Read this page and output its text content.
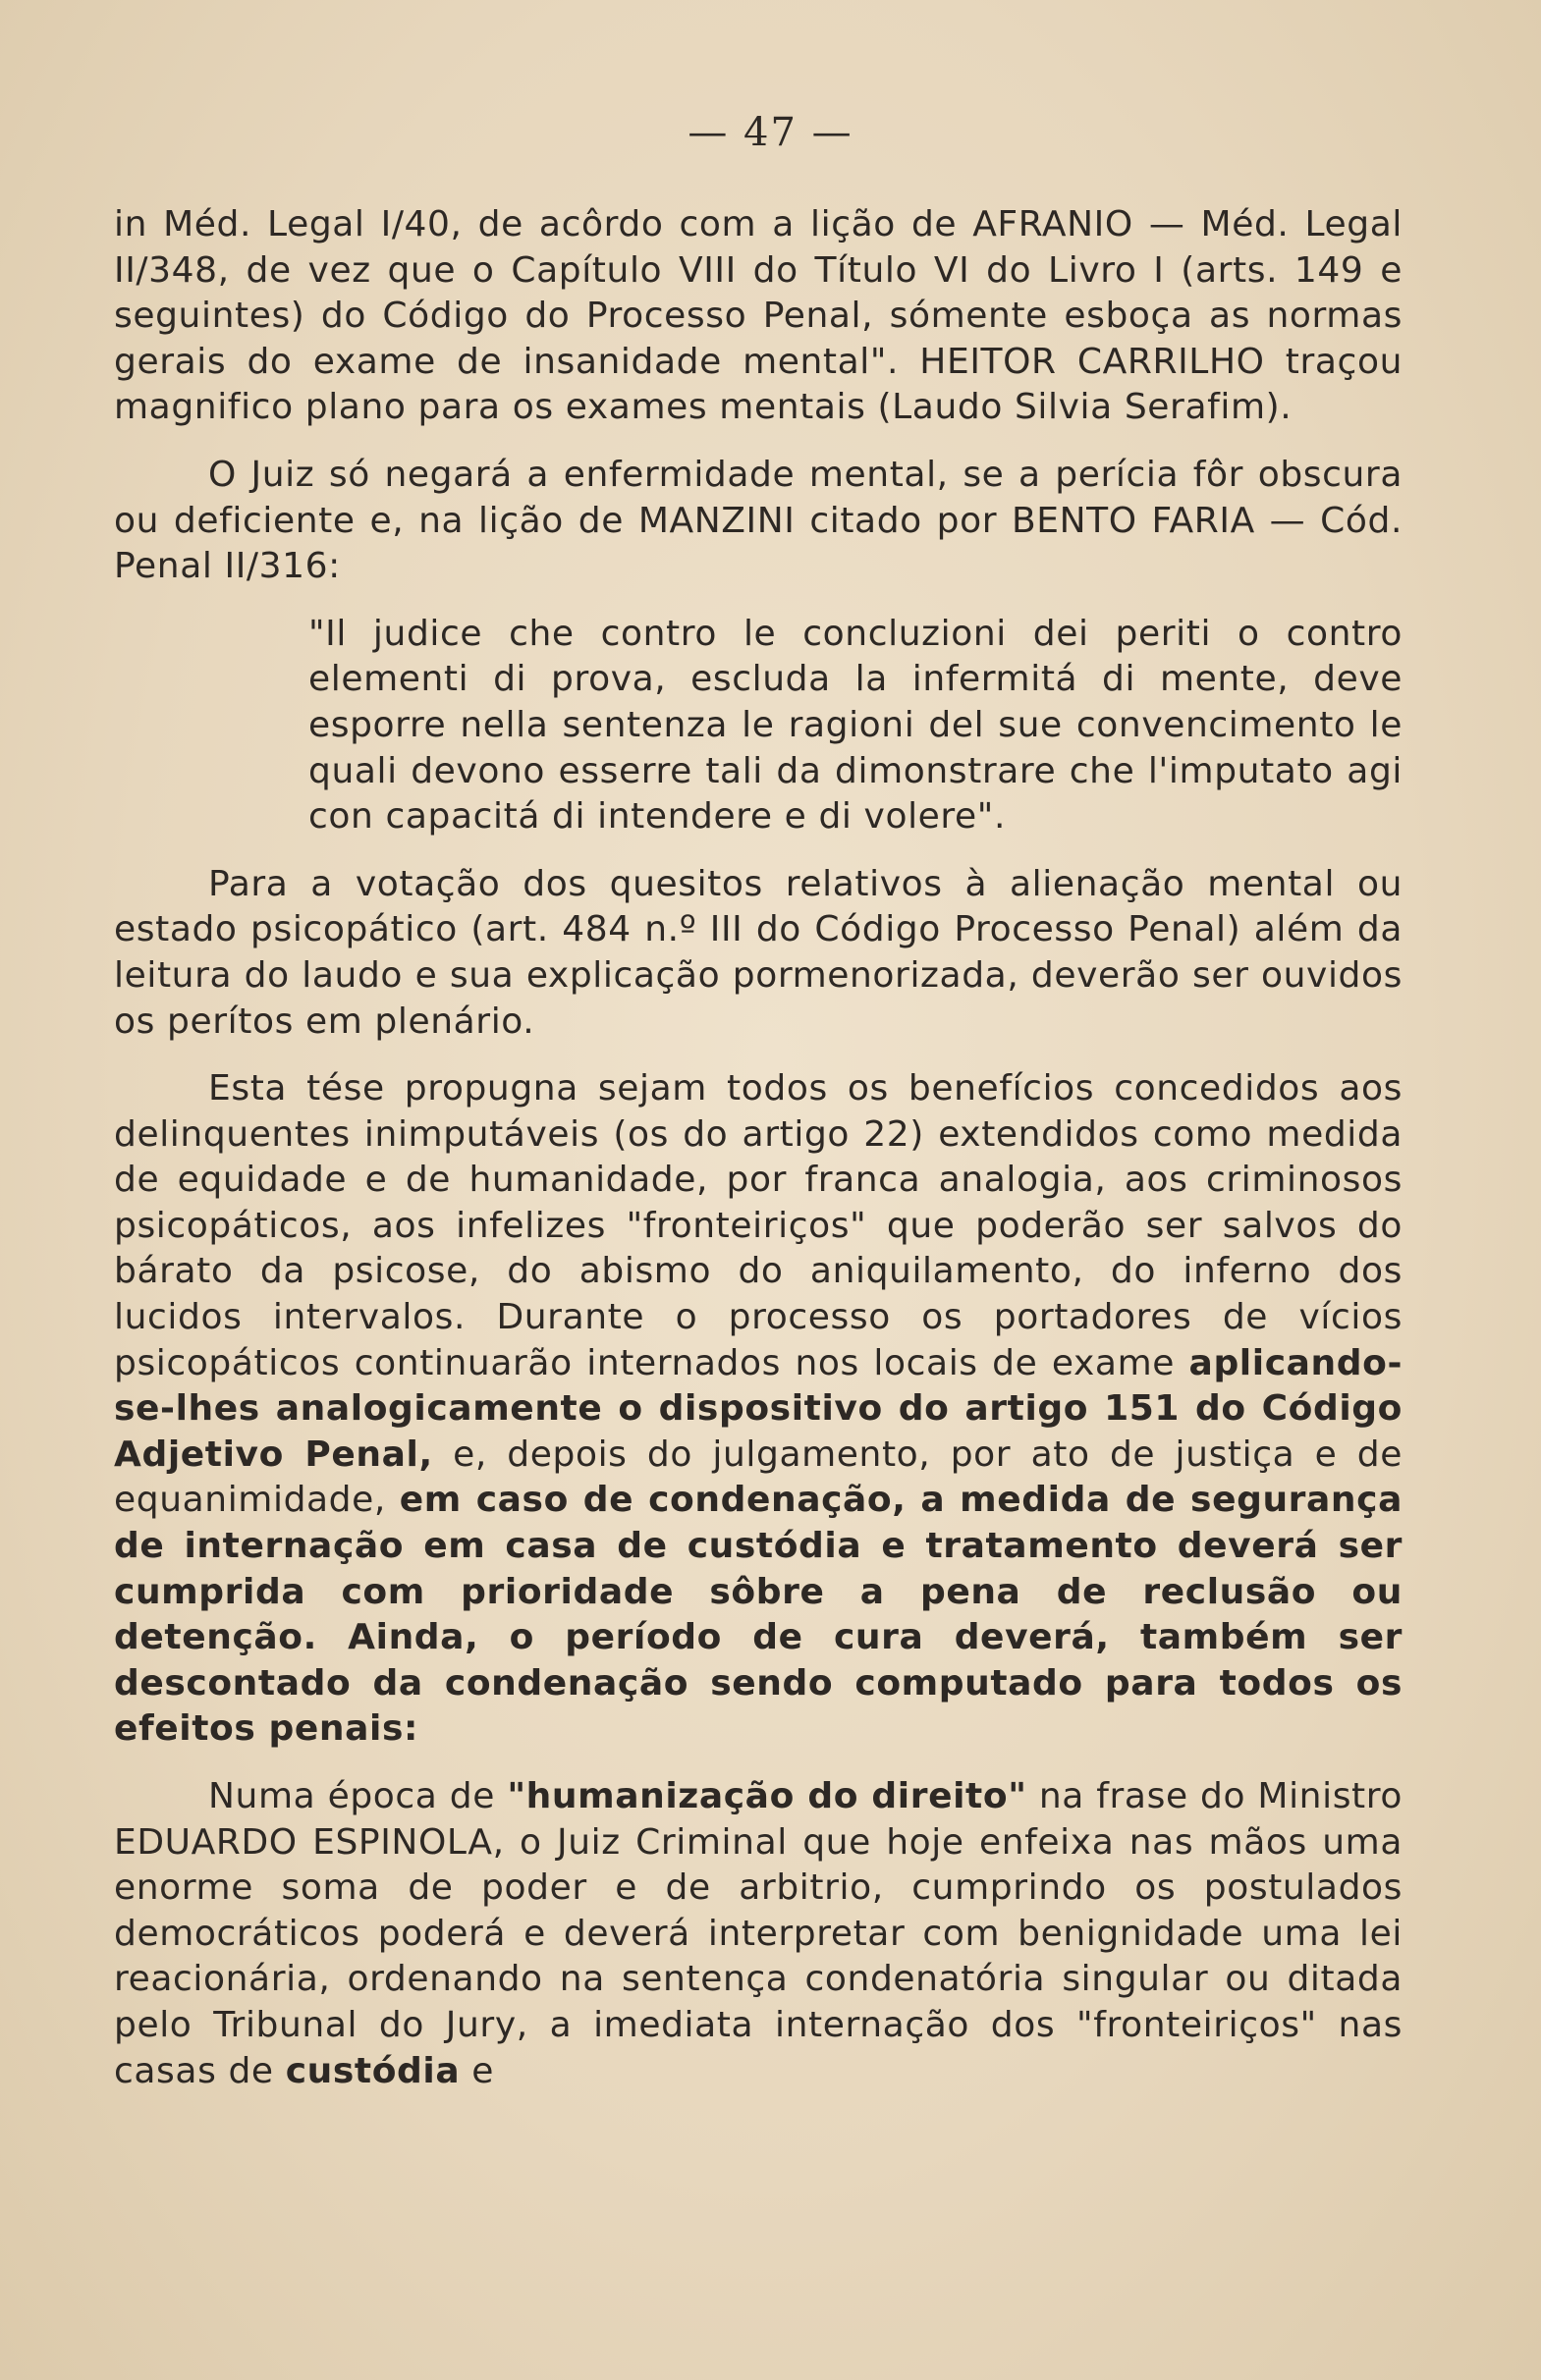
— 47 —

in Méd. Legal I/40, de acôrdo com a lição de AFRANIO — Méd. Legal II/348, de vez que o Capítulo VIII do Título VI do Livro I (arts. 149 e seguintes) do Código do Processo Penal, sómente esboça as normas gerais do exame de insanidade mental". HEITOR CARRILHO traçou magnifico plano para os exames mentais (Laudo Silvia Serafim).

O Juiz só negará a enfermidade mental, se a perícia fôr obscura ou deficiente e, na lição de MANZINI citado por BENTO FARIA — Cód. Penal II/316:

"Il judice che contro le concluzioni dei periti o contro elementi di prova, escluda la infermitá di mente, deve esporre nella sentenza le ragioni del sue convencimento le quali devono esserre tali da dimonstrare che l'imputato agi con capacitá di intendere e di volere".

Para a votação dos quesitos relativos à alienação mental ou estado psicopático (art. 484 n.º III do Código Processo Penal) além da leitura do laudo e sua explicação pormenorizada, deverão ser ouvidos os perítos em plenário.

Esta tése propugna sejam todos os benefícios concedidos aos delinquentes inimputáveis (os do artigo 22) extendidos como medida de equidade e de humanidade, por franca analogia, aos criminosos psicopáticos, aos infelizes "fronteiriços" que poderão ser salvos do bárato da psicose, do abismo do aniquilamento, do inferno dos lucidos intervalos. Durante o processo os portadores de vícios psicopáticos continuarão internados nos locais de exame aplicando-se-lhes analogicamente o dispositivo do artigo 151 do Código Adjetivo Penal, e, depois do julgamento, por ato de justiça e de equanimidade, em caso de condenação, a medida de segurança de internação em casa de custódia e tratamento deverá ser cumprida com prioridade sôbre a pena de reclusão ou detenção. Ainda, o período de cura deverá, também ser descontado da condenação sendo computado para todos os efeitos penais:

Numa época de "humanização do direito" na frase do Ministro EDUARDO ESPINOLA, o Juiz Criminal que hoje enfeixa nas mãos uma enorme soma de poder e de arbitrio, cumprindo os postulados democráticos poderá e deverá interpretar com benignidade uma lei reacionária, ordenando na sentença condenatória singular ou ditada pelo Tribunal do Jury, a imediata internação dos "fronteiriços" nas casas de custódia e
